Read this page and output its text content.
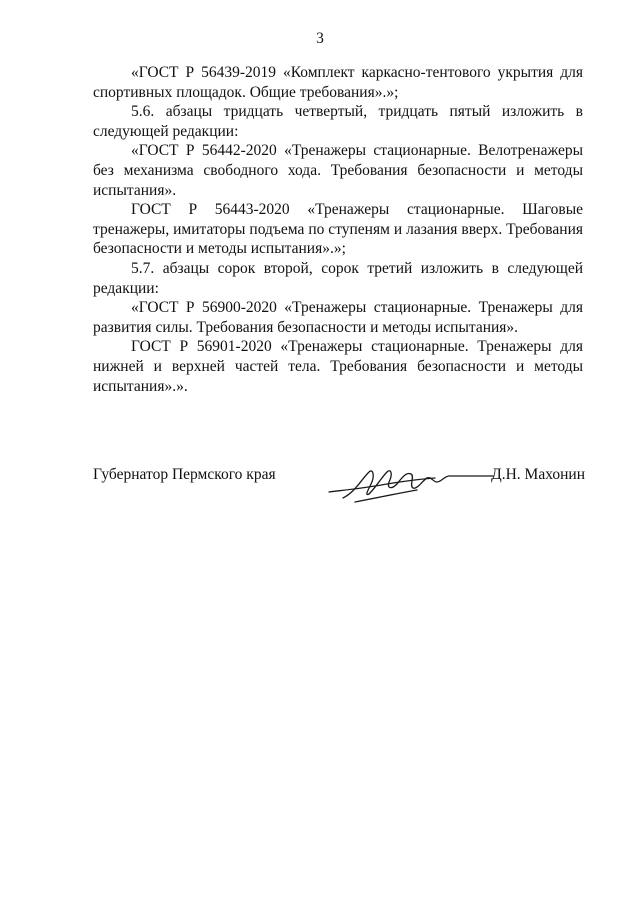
3

«ГОСТ Р 56439-2019 «Комплект каркасно-тентового укрытия для спортивных площадок. Общие требования».»;

5.6. абзацы тридцать четвертый, тридцать пятый изложить в следующей редакции:

«ГОСТ Р 56442-2020 «Тренажеры стационарные. Велотренажеры без механизма свободного хода. Требования безопасности и методы испытания».

ГОСТ Р 56443-2020 «Тренажеры стационарные. Шаговые тренажеры, имитаторы подъема по ступеням и лазания вверх. Требования безопасности и методы испытания».»;

5.7. абзацы сорок второй, сорок третий изложить в следующей редакции:

«ГОСТ Р 56900-2020 «Тренажеры стационарные. Тренажеры для развития силы. Требования безопасности и методы испытания».

ГОСТ Р 56901-2020 «Тренажеры стационарные. Тренажеры для нижней и верхней частей тела. Требования безопасности и методы испытания».».

Губернатор Пермского края	Д.Н. Махонин
